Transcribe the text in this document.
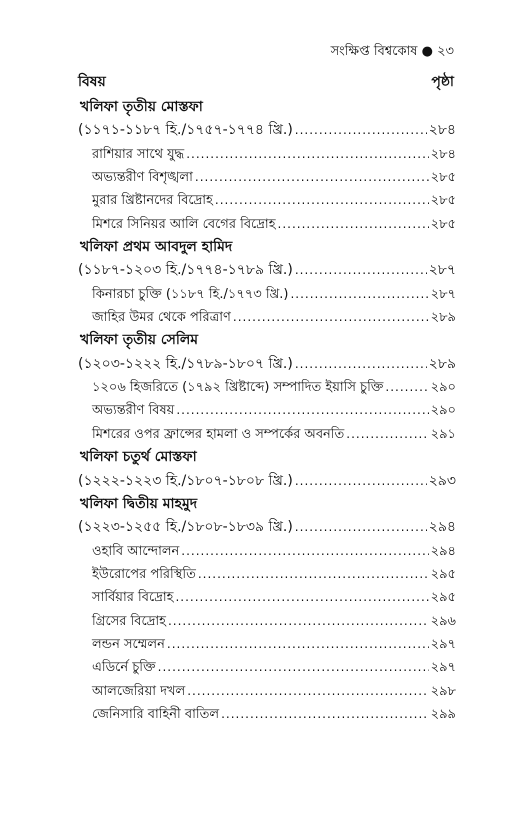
সংক্ষিপ্ত বিশ্বকোষ ● ২৩
বিষয়	পৃষ্ঠা
খলিফা তৃতীয় মোস্তফা
(১১৭১-১১৮৭ হি./১৭৫৭-১৭৭৪ খ্রি.) .....	২৮৪
রাশিয়ার সাথে যুদ্ধ .....	২৮৪
অভ্যন্তরীণ বিশৃঙ্খলা .....	২৮৫
মুরার খ্রিষ্টানদের বিদ্রোহ .....	২৮৫
মিশরে সিনিয়র আলি বেগের বিদ্রোহ .....	২৮৫
খলিফা প্রথম আবদুল হামিদ
(১১৮৭-১২০৩ হি./১৭৭৪-১৭৮৯ খ্রি.) .....	২৮৭
কিনারচা চুক্তি (১১৮৭ হি./১৭৭৩ খ্রি.) .....	২৮৭
জাহির উমর থেকে পরিত্রাণ .....	২৮৯
খলিফা তৃতীয় সেলিম
(১২০৩-১২২২ হি./১৭৮৯-১৮০৭ খ্রি.) .....	২৮৯
১২০৬ হিজরিতে (১৭৯২ খ্রিষ্টাব্দে) সম্পাদিত ইয়াসি চুক্তি .....	২৯০
অভ্যন্তরীণ বিষয় .....	২৯০
মিশরের ওপর ফ্রান্সের হামলা ও সম্পর্কের অবনতি .....	২৯১
খলিফা চতুর্থ মোস্তফা
(১২২২-১২২৩ হি./১৮০৭-১৮০৮ খ্রি.) .....	২৯৩
খলিফা দ্বিতীয় মাহমুদ
(১২২৩-১২৫৫ হি./১৮০৮-১৮৩৯ খ্রি.) .....	২৯৪
ওহাবি আন্দোলন .....	২৯৪
ইউরোপের পরিস্থিতি .....	২৯৫
সার্বিয়ার বিদ্রোহ .....	২৯৫
গ্রিসের বিদ্রোহ .....	২৯৬
লন্ডন সম্মেলন .....	২৯৭
এডির্নে চুক্তি .....	২৯৭
আলজেরিয়া দখল .....	২৯৮
জেনিসারি বাহিনী বাতিল .....	২৯৯
